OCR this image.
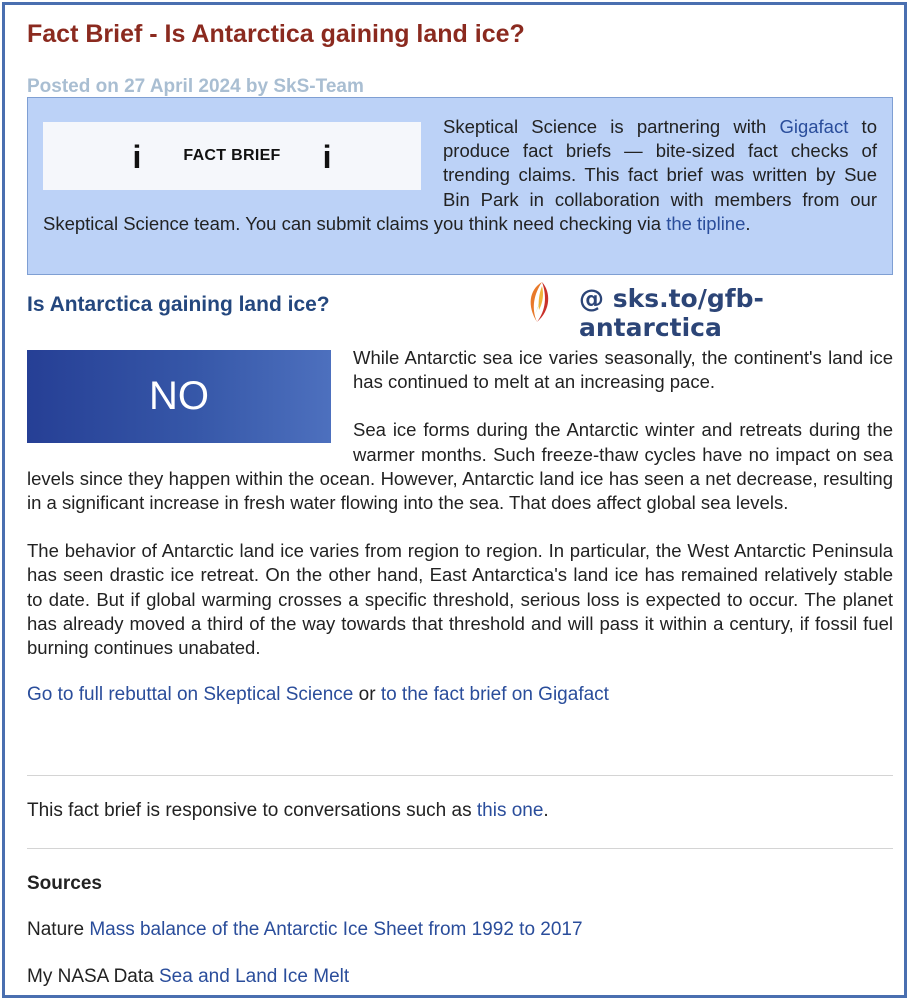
Fact Brief - Is Antarctica gaining land ice?
Posted on 27 April 2024 by SkS-Team
i	FACT BRIEF i

Skeptical Science is partnering with Gigafact to produce fact briefs — bite-sized fact checks of trending claims. This fact brief was written by Sue Bin Park in collaboration with members from our Skeptical Science team. You can submit claims you think need checking via the tipline.

Is Antarctica gaining land ice?	@ sks.to/gfb-antarctica
NO

While Antarctic sea ice varies seasonally, the continent's land ice has continued to melt at an increasing pace.

Sea ice forms during the Antarctic winter and retreats during the warmer months. Such freeze-thaw cycles have no impact on sea levels since they happen within the ocean. However, Antarctic land ice has seen a net decrease, resulting in a significant increase in fresh water flowing into the sea. That does affect global sea levels.

The behavior of Antarctic land ice varies from region to region. In particular, the West Antarctic Peninsula has seen drastic ice retreat. On the other hand, East Antarctica's land ice has remained relatively stable to date. But if global warming crosses a specific threshold, serious loss is expected to occur. The planet has already moved a third of the way towards that threshold and will pass it within a century, if fossil fuel burning continues unabated.

Go to full rebuttal on Skeptical Science or to the fact brief on Gigafact

This fact brief is responsive to conversations such as this one.
Sources
Nature Mass balance of the Antarctic Ice Sheet from 1992 to 2017
My NASA Data Sea and Land Ice Melt
